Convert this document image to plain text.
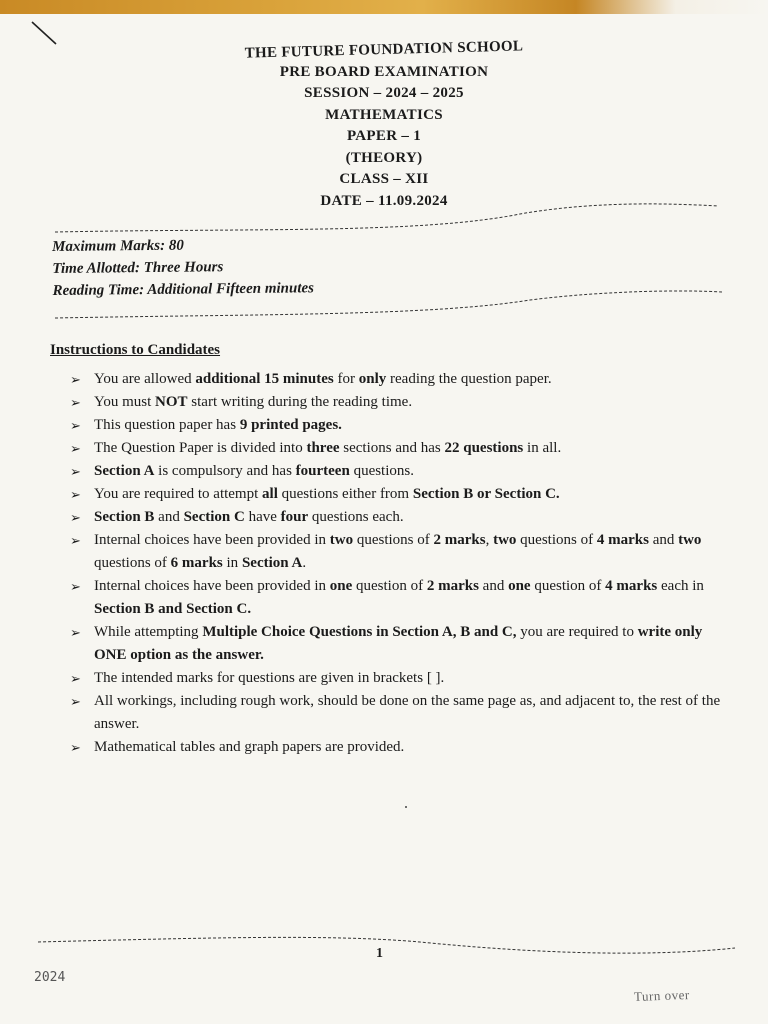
THE FUTURE FOUNDATION SCHOOL
PRE BOARD EXAMINATION
SESSION – 2024 – 2025
MATHEMATICS
PAPER – 1
(THEORY)
CLASS – XII
DATE – 11.09.2024
Maximum Marks: 80
Time Allotted: Three Hours
Reading Time: Additional Fifteen minutes
Instructions to Candidates
➢ You are allowed additional 15 minutes for only reading the question paper.
➢ You must NOT start writing during the reading time.
➢ This question paper has 9 printed pages.
➢ The Question Paper is divided into three sections and has 22 questions in all.
➢ Section A is compulsory and has fourteen questions.
➢ You are required to attempt all questions either from Section B or Section C.
➢ Section B and Section C have four questions each.
➢ Internal choices have been provided in two questions of 2 marks, two questions of 4 marks and two questions of 6 marks in Section A.
➢ Internal choices have been provided in one question of 2 marks and one question of 4 marks each in Section B and Section C.
➢ While attempting Multiple Choice Questions in Section A, B and C, you are required to write only ONE option as the answer.
➢ The intended marks for questions are given in brackets [ ].
➢ All workings, including rough work, should be done on the same page as, and adjacent to, the rest of the answer.
➢ Mathematical tables and graph papers are provided.
1
2024
Turn over
